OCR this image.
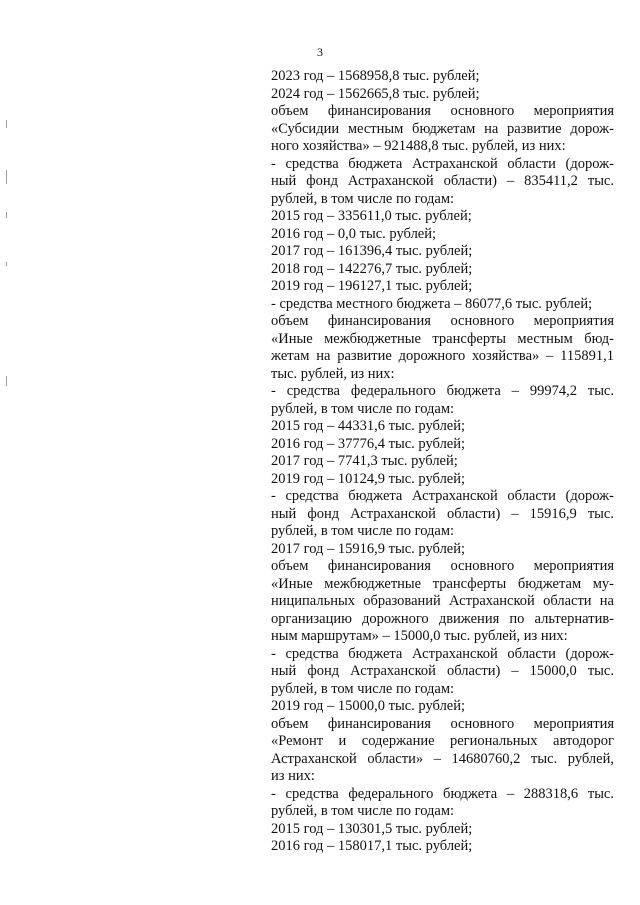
3
2023 год – 1568958,8 тыс. рублей;
2024 год – 1562665,8 тыс. рублей;
объем финансирования основного мероприятия
«Субсидии местным бюджетам на развитие дорож-
ного хозяйства» – 921488,8 тыс. рублей, из них:
- средства бюджета Астраханской области (дорож-
ный фонд Астраханской области) – 835411,2 тыс.
рублей, в том числе по годам:
2015 год – 335611,0 тыс. рублей;
2016 год – 0,0 тыс. рублей;
2017 год – 161396,4 тыс. рублей;
2018 год – 142276,7 тыс. рублей;
2019 год – 196127,1 тыс. рублей;
- средства местного бюджета – 86077,6 тыс. рублей;
объем финансирования основного мероприятия
«Иные межбюджетные трансферты местным бюд-
жетам на развитие дорожного хозяйства» – 115891,1
тыс. рублей, из них:
- средства федерального бюджета – 99974,2 тыс.
рублей, в том числе по годам:
2015 год – 44331,6 тыс. рублей;
2016 год – 37776,4 тыс. рублей;
2017 год – 7741,3 тыс. рублей;
2019 год – 10124,9 тыс. рублей;
- средства бюджета Астраханской области (дорож-
ный фонд Астраханской области) – 15916,9 тыс.
рублей, в том числе по годам:
2017 год – 15916,9 тыс. рублей;
объем финансирования основного мероприятия
«Иные межбюджетные трансферты бюджетам му-
ниципальных образований Астраханской области на
организацию дорожного движения по альтернатив-
ным маршрутам» – 15000,0 тыс. рублей, из них:
- средства бюджета Астраханской области (дорож-
ный фонд Астраханской области) – 15000,0 тыс.
рублей, в том числе по годам:
2019 год – 15000,0 тыс. рублей;
объем финансирования основного мероприятия
«Ремонт и содержание региональных автодорог
Астраханской области» – 14680760,2 тыс. рублей,
из них:
- средства федерального бюджета – 288318,6 тыс.
рублей, в том числе по годам:
2015 год – 130301,5 тыс. рублей;
2016 год – 158017,1 тыс. рублей;
